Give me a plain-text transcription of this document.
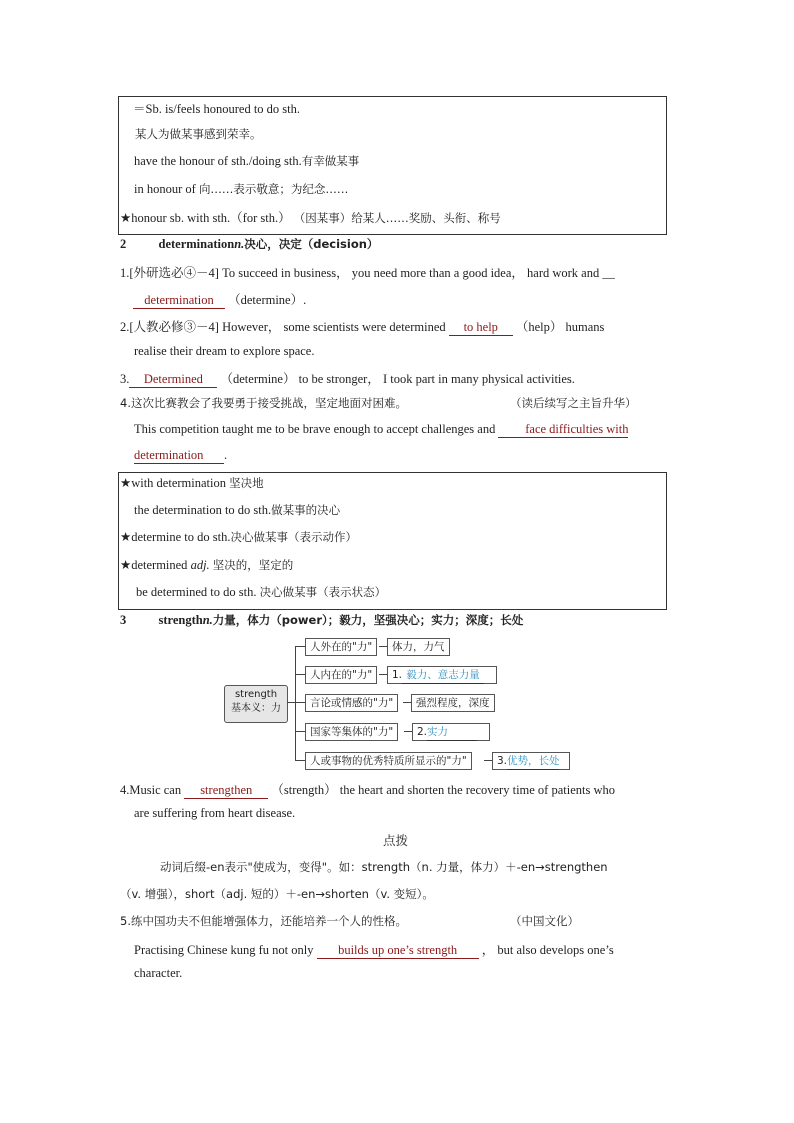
＝Sb. is/feels honoured to do sth.
某人为做某事感到荣幸。
have the honour of sth./doing sth.有幸做某事
in honour of 向……表示敬意；为纪念……
★honour sb. with sth.（for sth.） （因某事）给某人……奖励、头衔、称号
2	determinationn.决心，决定（decision）
1.[外研选必④－4] To succeed in business， you need more than a good idea， hard work and __
determination （determine）.
2.[人教必修③－4] However， some scientists were determined to help （help） humans
realise their dream to explore space.
3. Determined （determine） to be stronger， I took part in many physical activities.
4.这次比赛教会了我要勇于接受挑战，坚定地面对困难。	（读后续写之主旨升华）
This competition taught me to be brave enough to accept challenges and face difficulties with
determination .
★with determination 坚决地
the determination to do sth.做某事的决心
★determine to do sth.决心做某事（表示动作）
★determined adj. 坚决的，坚定的
be determined to do sth. 决心做某事（表示状态）
3	strengthn.力量，体力（power）；毅力，坚强决心；实力；深度；长处
strength
基本义：力
人外在的"力"	体力，力气
人内在的"力"	1. 毅力、意志力量
言论或情感的"力"	强烈程度，深度
国家等集体的"力"	2.实力
人或事物的优秀特质所显示的"力"	3.优势，长处
4.Music can strengthen （strength） the heart and shorten the recovery time of patients who
are suffering from heart disease.
点拨
动词后缀-en表示"使成为，变得"。如：strength（n. 力量，体力）＋-en→strengthen
（v. 增强），short（adj. 短的）＋-en→shorten（v. 变短）。
5.练中国功夫不但能增强体力，还能培养一个人的性格。	（中国文化）
Practising Chinese kung fu not only builds up one’s strength ， but also develops one’s
character.
